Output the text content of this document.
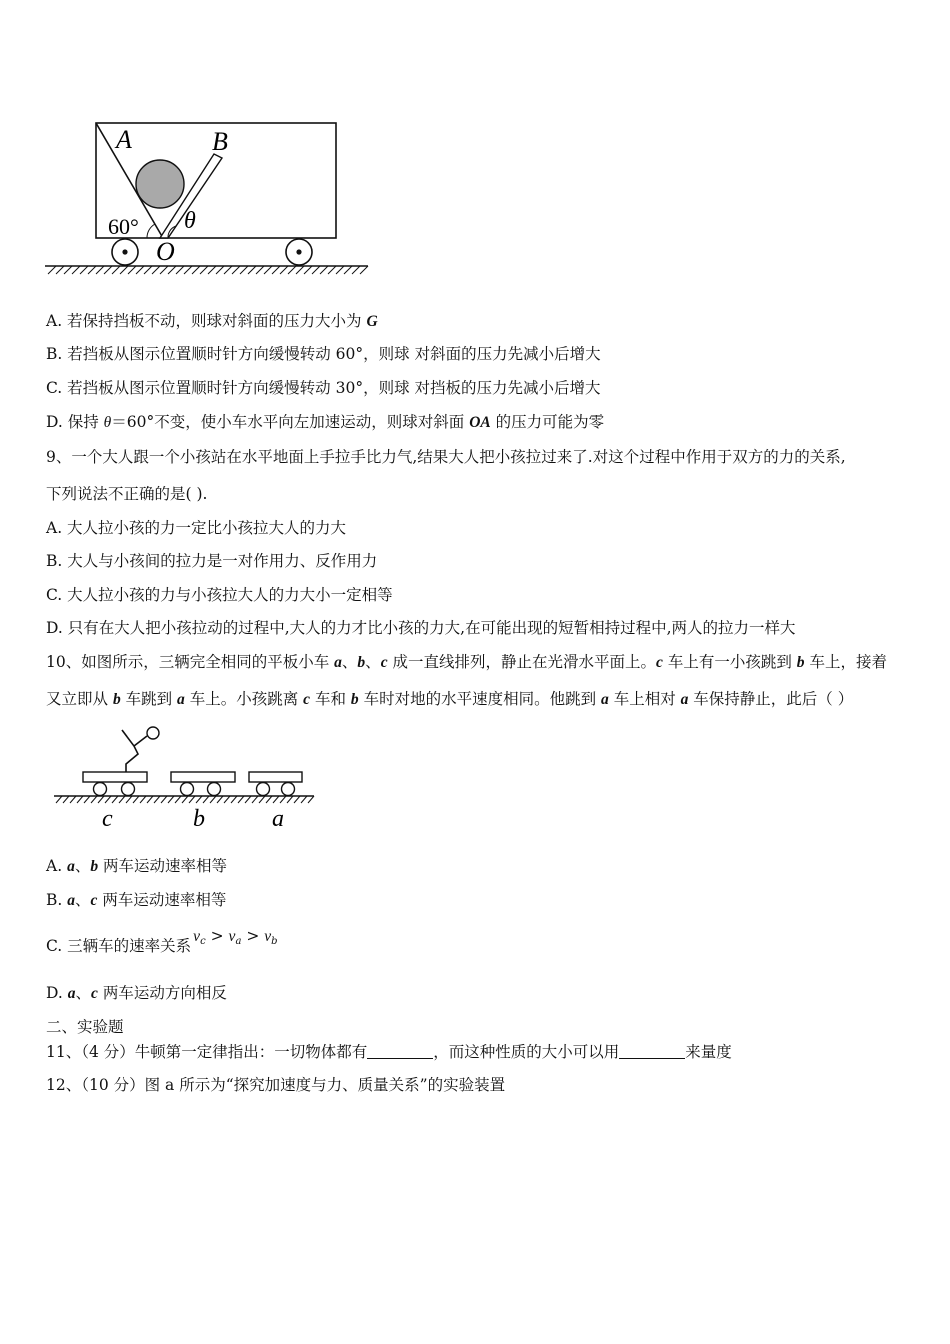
A	B
60° θ
O
A. 若保持挡板不动，则球对斜面的压力大小为 G
B. 若挡板从图示位置顺时针方向缓慢转动 60°，则球 对斜面的压力先减小后增大
C. 若挡板从图示位置顺时针方向缓慢转动 30°，则球 对挡板的压力先减小后增大
D. 保持 θ＝60°不变，使小车水平向左加速运动，则球对斜面 OA 的压力可能为零
9、一个大人跟一个小孩站在水平地面上手拉手比力气,结果大人把小孩拉过来了.对这个过程中作用于双方的力的关系,
下列说法不正确的是( ).
A. 大人拉小孩的力一定比小孩拉大人的力大
B. 大人与小孩间的拉力是一对作用力、反作用力
C. 大人拉小孩的力与小孩拉大人的力大小一定相等
D. 只有在大人把小孩拉动的过程中,大人的力才比小孩的力大,在可能出现的短暂相持过程中,两人的拉力一样大
10、如图所示，三辆完全相同的平板小车 a、b、c 成一直线排列，静止在光滑水平面上。c 车上有一小孩跳到 b 车上，接着
又立即从 b 车跳到 a 车上。小孩跳离 c 车和 b 车时对地的水平速度相同。他跳到 a 车上相对 a 车保持静止，此后（ ）
c	b	a
A. a、b 两车运动速率相等
B. a、c 两车运动速率相等
C. 三辆车的速率关系$v_c > v_a > v_b$
D. a、c 两车运动方向相反
二、实验题
11、（4 分）牛顿第一定律指出：一切物体都有	，而这种性质的大小可以用	来量度
12、（10 分）图 a 所示为“探究加速度与力、质量关系”的实验装置
